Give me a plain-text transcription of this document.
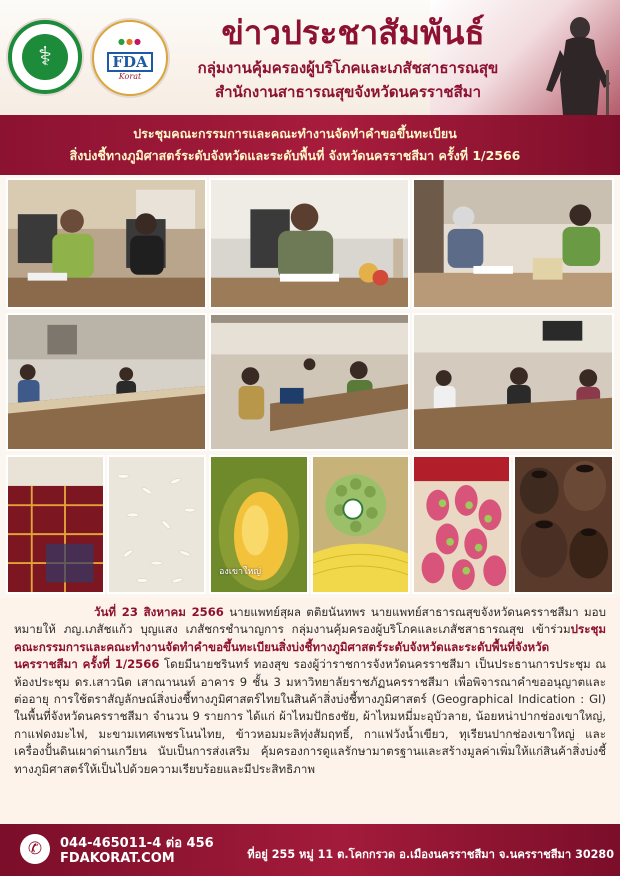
⚕
●●●
FDA
Korat
ข่าวประชาสัมพันธ์
กลุ่มงานคุ้มครองผู้บริโภคและเภสัชสาธารณสุข
สำนักงานสาธารณสุขจังหวัดนครราชสีมา
ประชุมคณะกรรมการและคณะทำงานจัดทำคำขอขึ้นทะเบียน
สิ่งบ่งชี้ทางภูมิศาสตร์ระดับจังหวัดและระดับพื้นที่ จังหวัดนครราชสีมา ครั้งที่ 1/2566
องเขาใหญ่
วันที่ 23 สิงหาคม 2566 นายแพทย์สุผล ตติยนันทพร นายแพทย์สาธารณสุขจังหวัดนครราชสีมา มอบหมายให้ ภญ.เภสัชแก้ว บุญแสง เภสัชกรชำนาญการ กลุ่มงานคุ้มครองผู้บริโภคและเภสัชสาธารณสุข เข้าร่วมประชุมคณะกรรมการและคณะทำงานจัดทำคำขอขึ้นทะเบียนสิ่งบ่งชี้ทางภูมิศาสตร์ระดับจังหวัดและระดับพื้นที่จังหวัดนครราชสีมา ครั้งที่ 1/2566 โดยมีนายชรินทร์ ทองสุข รองผู้ว่าราชการจังหวัดนครราชสีมา เป็นประธานการประชุม ณ ห้องประชุม ดร.เสาวนิต เสาณานนท์ อาคาร 9 ชั้น 3 มหาวิทยาลัยราชภัฏนครราชสีมา เพื่อพิจารณาคำขออนุญาตและต่ออายุ การใช้ตราสัญลักษณ์สิ่งบ่งชี้ทางภูมิศาสตร์ไทยในสินค้าสิ่งบ่งชี้ทางภูมิศาสตร์ (Geographical Indication : GI) ในพื้นที่จังหวัดนครราชสีมา จำนวน 9 รายการ ได้แก่ ผ้าไหมปักธงชัย, ผ้าไหมหมี่มะอุบัวลาย, น้อยหน่าปากช่องเขาใหญ่, กาแฟดงมะไฟ, มะขามเทศเพชรโนนไทย, ข้าวหอมมะลิทุ่งสัมฤทธิ์, กาแฟวังน้ำเขียว, ทุเรียนปากช่องเขาใหญ่ และเครื่องปั้นดินเผาด่านเกวียน นับเป็นการส่งเสริม คุ้มครองการดูแลรักษามาตรฐานและสร้างมูลค่าเพิ่มให้แก่สินค้าสิ่งบ่งชี้ทางภูมิศาสตร์ให้เป็นไปด้วยความเรียบร้อยและมีประสิทธิภาพ
✆	044-465011-4 ต่อ 456
FDAKORAT.COM	ที่อยู่ 255 หมู่ 11 ต.โคกกรวด อ.เมืองนครราชสีมา จ.นครราชสีมา 30280
